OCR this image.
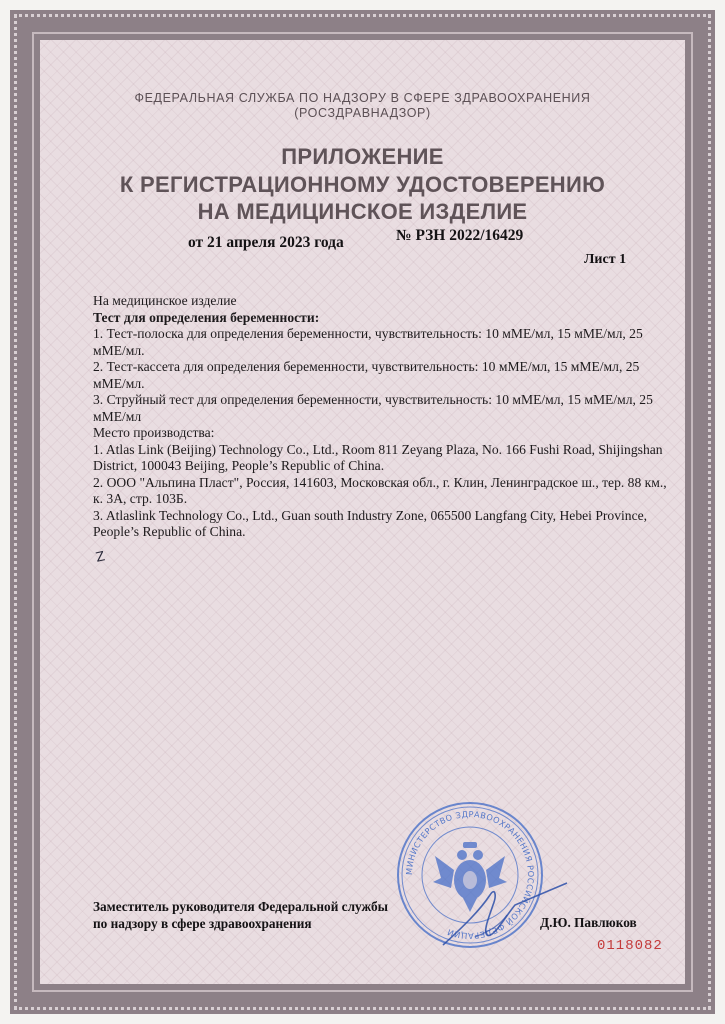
ФЕДЕРАЛЬНАЯ СЛУЖБА ПО НАДЗОРУ В СФЕРЕ ЗДРАВООХРАНЕНИЯ
(РОСЗДРАВНАДЗОР)
ПРИЛОЖЕНИЕ
К РЕГИСТРАЦИОННОМУ УДОСТОВЕРЕНИЮ
НА МЕДИЦИНСКОЕ ИЗДЕЛИЕ
от 21 апреля 2023 года	№ РЗН 2022/16429
Лист 1

На медицинское изделие

Тест для определения беременности:

1. Тест-полоска для определения беременности, чувствительность: 10 мМЕ/мл, 15 мМЕ/мл, 25 мМЕ/мл.

2. Тест-кассета для определения беременности, чувствительность: 10 мМЕ/мл, 15 мМЕ/мл, 25 мМЕ/мл.

3. Струйный тест для определения беременности, чувствительность: 10 мМЕ/мл, 15 мМЕ/мл, 25 мМЕ/мл

Место производства:

1. Atlas Link (Beijing) Technology Co., Ltd., Room 811 Zeyang Plaza, No. 166 Fushi Road, Shijingshan District, 100043 Beijing, People’s Republic of China.

2. ООО "Альпина Пласт", Россия, 141603, Московская обл., г. Клин, Ленинградское ш., тер. 88 км., к. 3А, стр. 103Б.

3. Atlaslink Technology Co., Ltd., Guan south Industry Zone, 065500 Langfang City, Hebei Province, People’s Republic of China.

Z
МИНИСТЕРСТВО ЗДРАВООХРАНЕНИЯ РОССИЙСКОЙ ФЕДЕРАЦИИ
Заместитель руководителя Федеральной службы
по надзору в сфере здравоохранения	Д.Ю. Павлюков
0118082
